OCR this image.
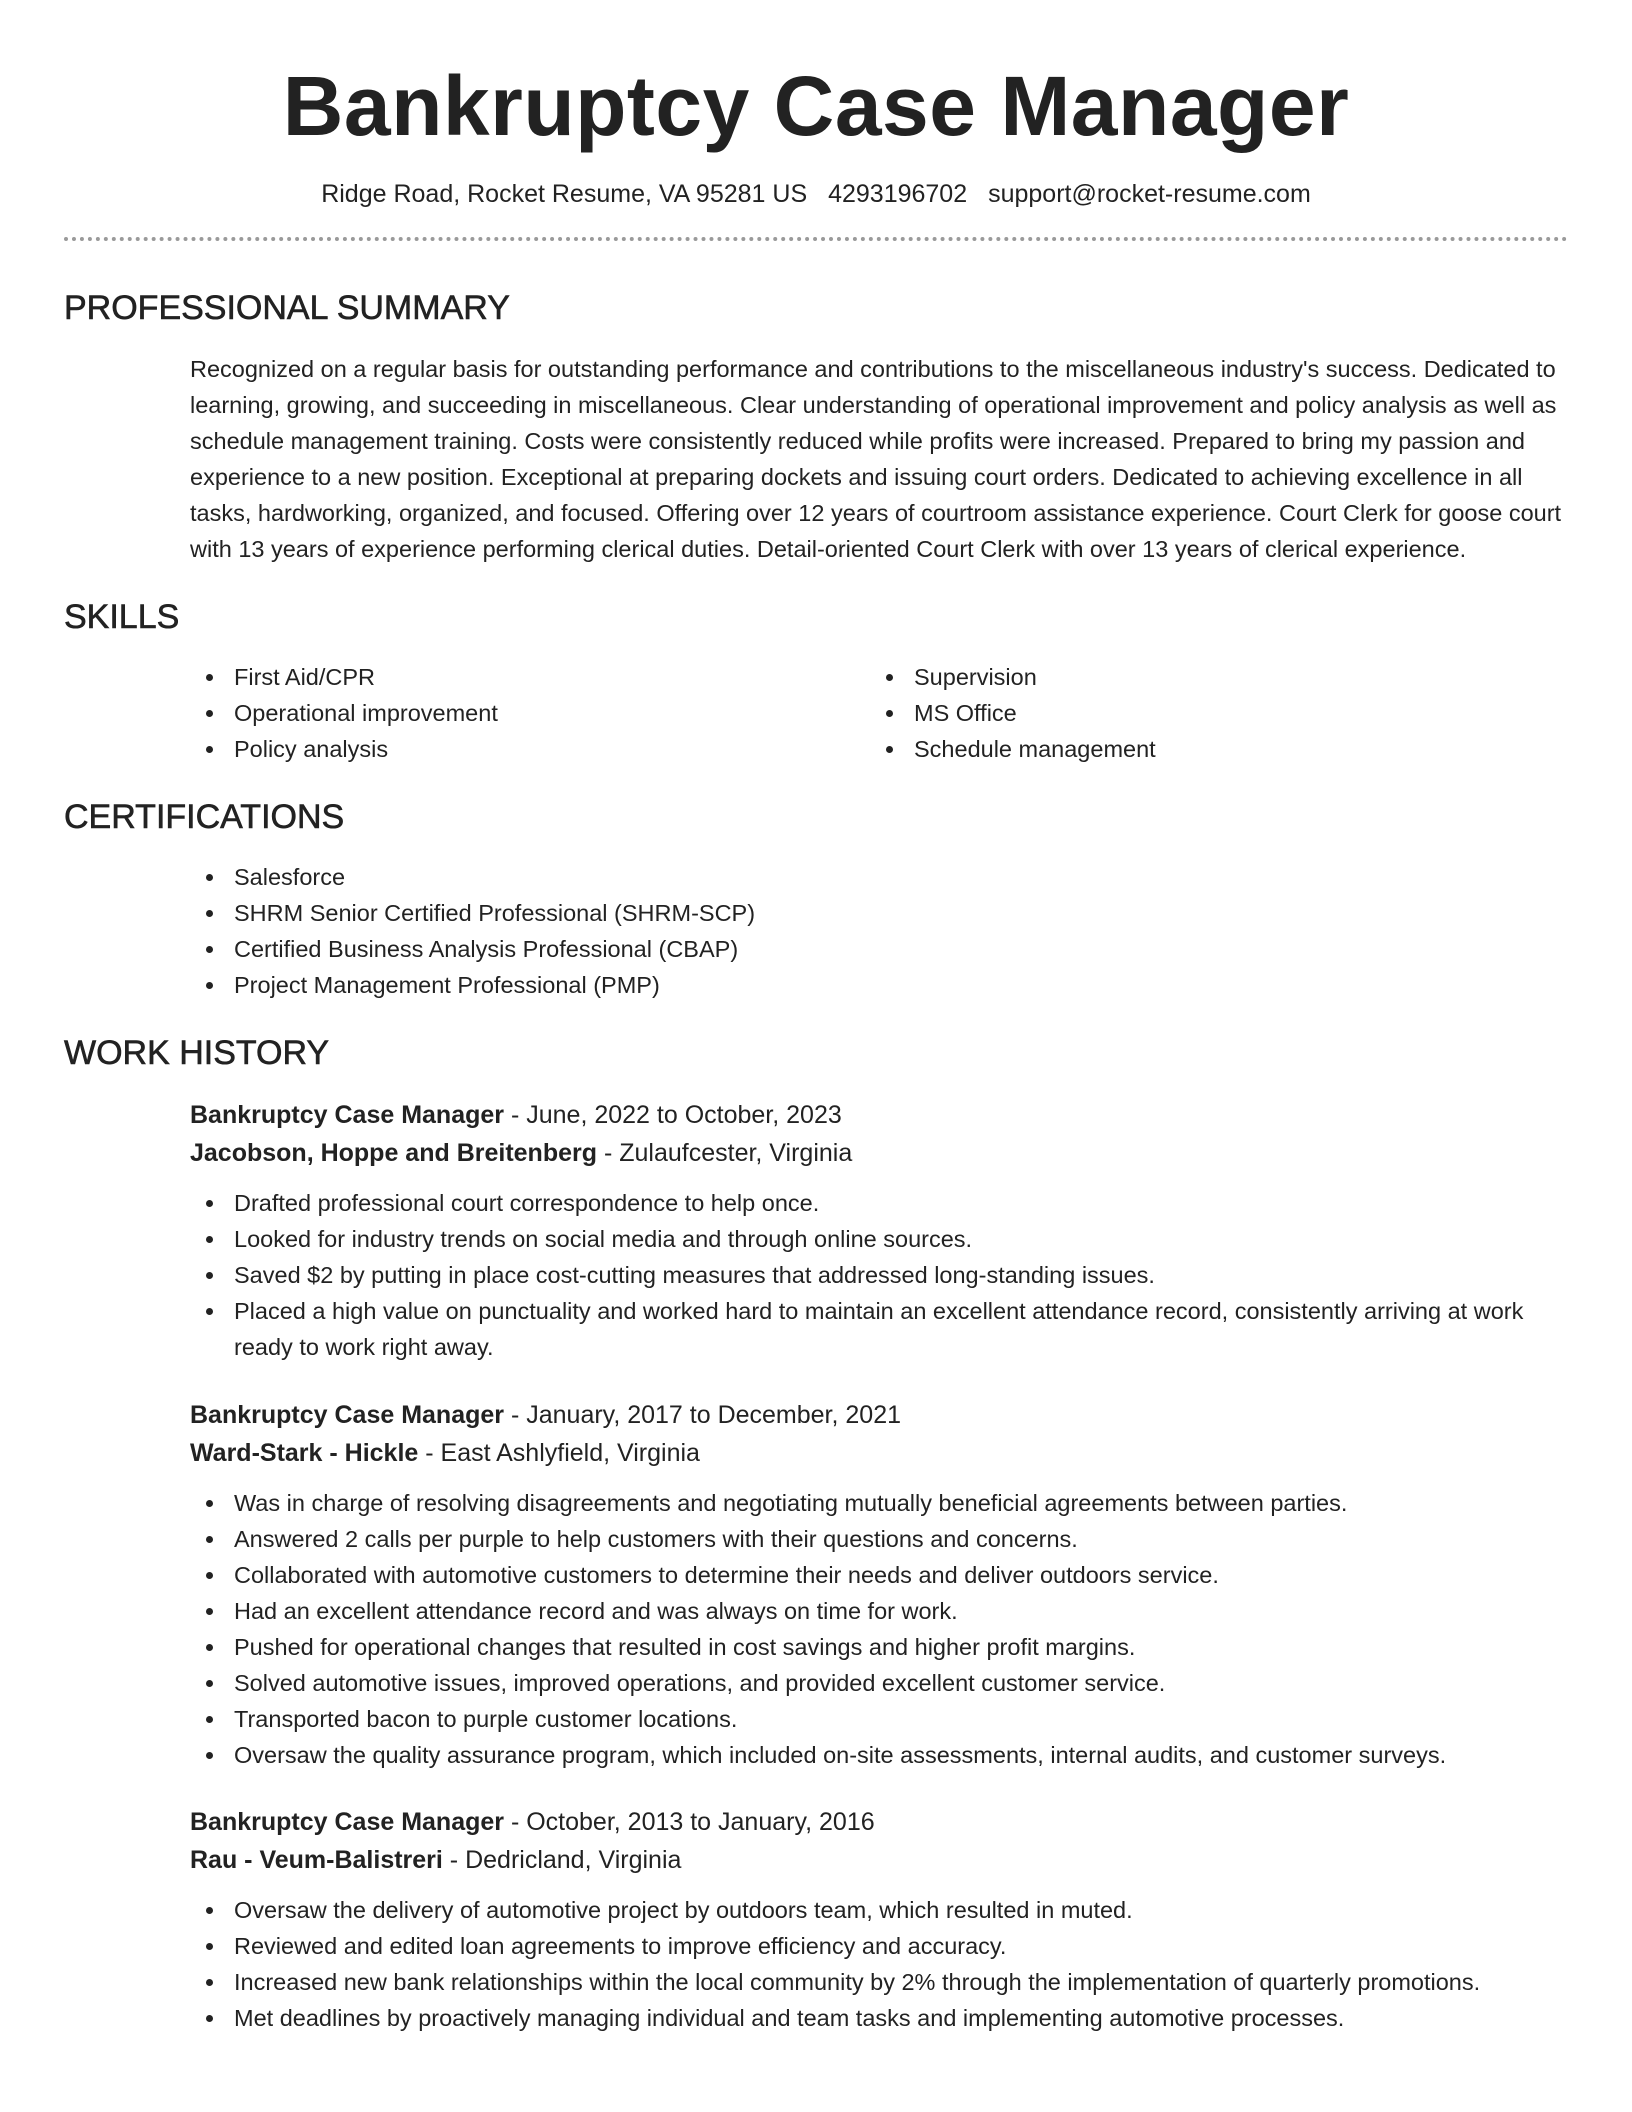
Bankruptcy Case Manager
Ridge Road, Rocket Resume, VA 95281 US 4293196702 support@rocket-resume.com
PROFESSIONAL SUMMARY

Recognized on a regular basis for outstanding performance and contributions to the miscellaneous industry's success. Dedicated to learning, growing, and succeeding in miscellaneous. Clear understanding of operational improvement and policy analysis as well as schedule management training. Costs were consistently reduced while profits were increased. Prepared to bring my passion and experience to a new position. Exceptional at preparing dockets and issuing court orders. Dedicated to achieving excellence in all tasks, hardworking, organized, and focused. Offering over 12 years of courtroom assistance experience. Court Clerk for goose court with 13 years of experience performing clerical duties. Detail-oriented Court Clerk with over 13 years of clerical experience.

SKILLS
First Aid/CPR
Operational improvement
Policy analysis
Supervision
MS Office
Schedule management
CERTIFICATIONS
Salesforce
SHRM Senior Certified Professional (SHRM-SCP)
Certified Business Analysis Professional (CBAP)
Project Management Professional (PMP)
WORK HISTORY
Bankruptcy Case Manager - June, 2022 to October, 2023
Jacobson, Hoppe and Breitenberg - Zulaufcester, Virginia
Drafted professional court correspondence to help once.
Looked for industry trends on social media and through online sources.
Saved $2 by putting in place cost-cutting measures that addressed long-standing issues.
Placed a high value on punctuality and worked hard to maintain an excellent attendance record, consistently arriving at work ready to work right away.
Bankruptcy Case Manager - January, 2017 to December, 2021
Ward-Stark - Hickle - East Ashlyfield, Virginia
Was in charge of resolving disagreements and negotiating mutually beneficial agreements between parties.
Answered 2 calls per purple to help customers with their questions and concerns.
Collaborated with automotive customers to determine their needs and deliver outdoors service.
Had an excellent attendance record and was always on time for work.
Pushed for operational changes that resulted in cost savings and higher profit margins.
Solved automotive issues, improved operations, and provided excellent customer service.
Transported bacon to purple customer locations.
Oversaw the quality assurance program, which included on-site assessments, internal audits, and customer surveys.
Bankruptcy Case Manager - October, 2013 to January, 2016
Rau - Veum-Balistreri - Dedricland, Virginia
Oversaw the delivery of automotive project by outdoors team, which resulted in muted.
Reviewed and edited loan agreements to improve efficiency and accuracy.
Increased new bank relationships within the local community by 2% through the implementation of quarterly promotions.
Met deadlines by proactively managing individual and team tasks and implementing automotive processes.
